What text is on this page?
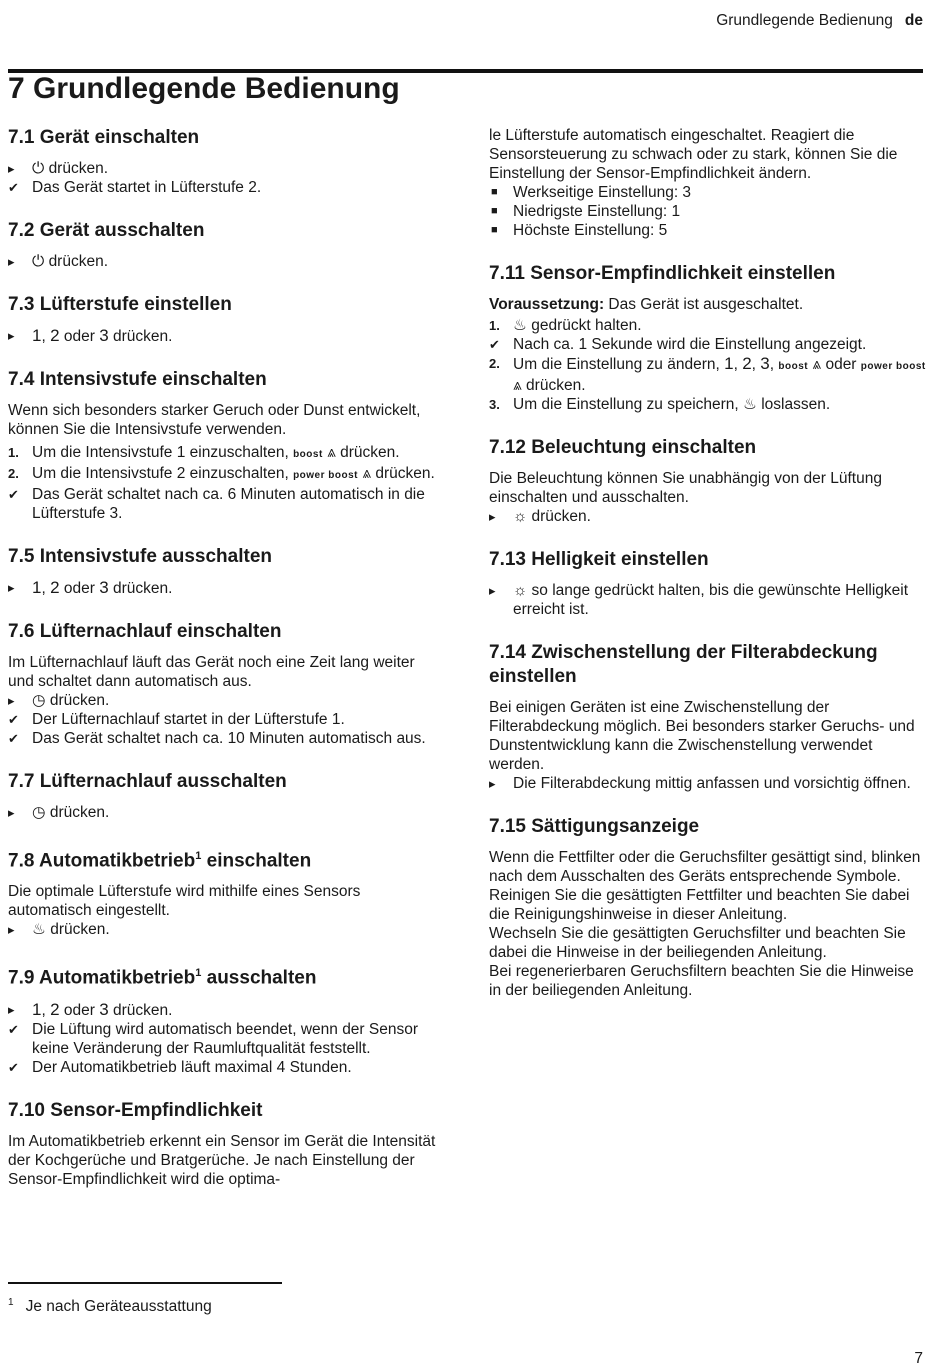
Grundlegende Bedienung de
7 Grundlegende Bedienung
7.1 Gerät einschalten
▸	⏻ drücken.
✔ Das Gerät startet in Lüfterstufe 2.
7.2 Gerät ausschalten
▸	⏻ drücken.
7.3 Lüfterstufe einstellen
▸	1, 2 oder 3 drücken.
7.4 Intensivstufe einschalten

Wenn sich besonders starker Geruch oder Dunst entwickelt, können Sie die Intensivstufe verwenden.

1. Um die Intensivstufe 1 einzuschalten, boost ⩓ drücken.
2. Um die Intensivstufe 2 einzuschalten, power boost ⩓ drücken.
✔ Das Gerät schaltet nach ca. 6 Minuten automatisch in die Lüfterstufe 3.
7.5 Intensivstufe ausschalten
▸	1, 2 oder 3 drücken.
7.6 Lüfternachlauf einschalten

Im Lüfternachlauf läuft das Gerät noch eine Zeit lang weiter und schaltet dann automatisch aus.

▸	◷ drücken.
✔ Der Lüfternachlauf startet in der Lüfterstufe 1.
✔ Das Gerät schaltet nach ca. 10 Minuten automatisch aus.
7.7 Lüfternachlauf ausschalten
▸	◷ drücken.
7.8 Automatikbetrieb$^1$ einschalten

Die optimale Lüfterstufe wird mithilfe eines Sensors automatisch eingestellt.

▸	♨ drücken.
7.9 Automatikbetrieb$^1$ ausschalten
▸	1, 2 oder 3 drücken.
✔ Die Lüftung wird automatisch beendet, wenn der Sensor keine Veränderung der Raumluftqualität feststellt.
✔ Der Automatikbetrieb läuft maximal 4 Stunden.
7.10 Sensor-Empfindlichkeit

Im Automatikbetrieb erkennt ein Sensor im Gerät die Intensität der Kochgerüche und Bratgerüche. Je nach Einstellung der Sensor-Empfindlichkeit wird die optima-

le Lüfterstufe automatisch eingeschaltet. Reagiert die Sensorsteuerung zu schwach oder zu stark, können Sie die Einstellung der Sensor-Empfindlichkeit ändern.

■ Werkseitige Einstellung: 3
■ Niedrigste Einstellung: 1
■ Höchste Einstellung: 5
7.11 Sensor-Empfindlichkeit einstellen

Voraussetzung: Das Gerät ist ausgeschaltet.

1. ♨ gedrückt halten.
✔ Nach ca. 1 Sekunde wird die Einstellung angezeigt.
2. Um die Einstellung zu ändern, 1, 2, 3, boost ⩓ oder power boost ⩓ drücken.
3. Um die Einstellung zu speichern, ♨ loslassen.
7.12 Beleuchtung einschalten

Die Beleuchtung können Sie unabhängig von der Lüftung einschalten und ausschalten.

▸	☼ drücken.
7.13 Helligkeit einstellen
▸	☼ so lange gedrückt halten, bis die gewünschte Helligkeit erreicht ist.
7.14 Zwischenstellung der Filterabdeckung einstellen

Bei einigen Geräten ist eine Zwischenstellung der Filterabdeckung möglich. Bei besonders starker Geruchs- und Dunstentwicklung kann die Zwischenstellung verwendet werden.

▸	Die Filterabdeckung mittig anfassen und vorsichtig öffnen.
7.15 Sättigungsanzeige

Wenn die Fettfilter oder die Geruchsfilter gesättigt sind, blinken nach dem Ausschalten des Geräts entsprechende Symbole.

Reinigen Sie die gesättigten Fettfilter und beachten Sie dabei die Reinigungshinweise in dieser Anleitung.

Wechseln Sie die gesättigten Geruchsfilter und beachten Sie dabei die Hinweise in der beiliegenden Anleitung.

Bei regenerierbaren Geruchsfiltern beachten Sie die Hinweise in der beiliegenden Anleitung.

$^1$ Je nach Geräteausstattung
7
